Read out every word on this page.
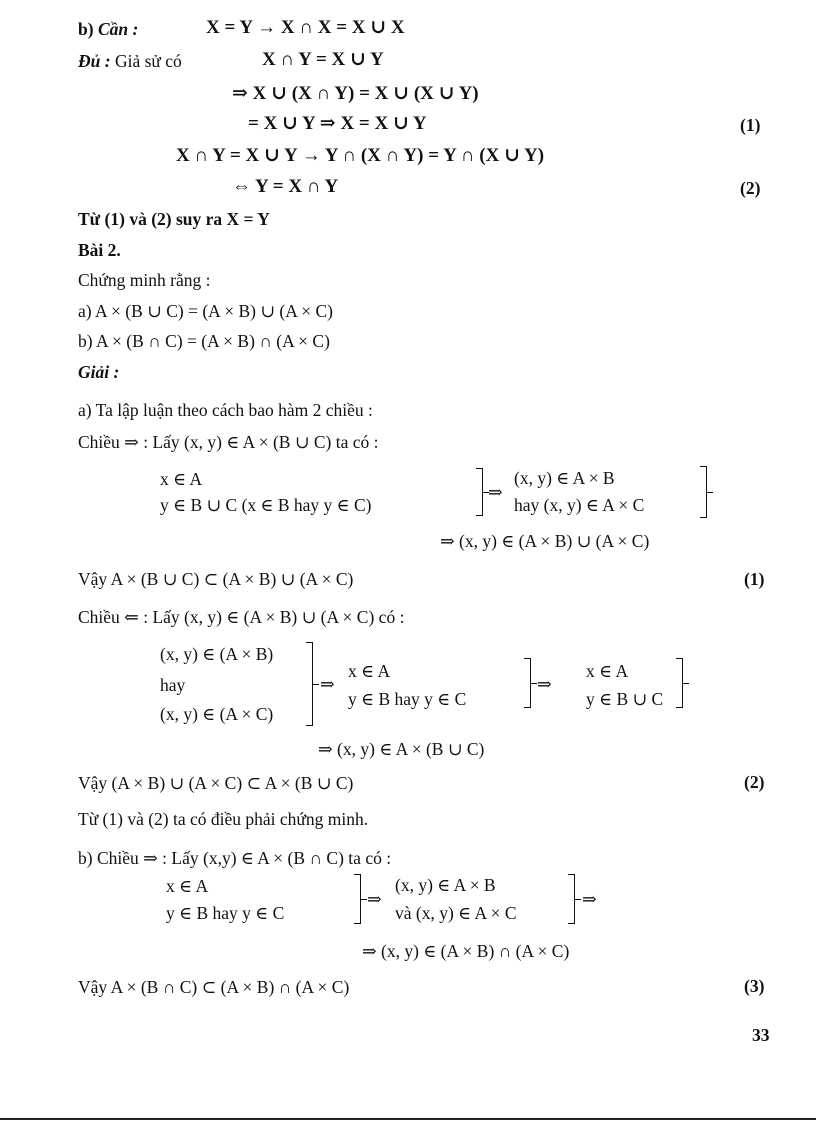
b) Cần :	X = Y → X ∩ X = X ∪ X
Đủ : Giả sử có	X ∩ Y = X ∪ Y
⇒ X ∪ (X ∩ Y) = X ∪ (X ∪ Y)
= X ∪ Y ⇒ X = X ∪ Y	(1)
X ∩ Y = X ∪ Y → Y ∩ (X ∩ Y) = Y ∩ (X ∪ Y)
⇔ Y = X ∩ Y	(2)
Từ (1) và (2) suy ra X = Y
Bài 2.
Chứng minh rằng :
a) A × (B ∪ C) = (A × B) ∪ (A × C)
b) A × (B ∩ C) = (A × B) ∩ (A × C)
Giải :
a) Ta lập luận theo cách bao hàm 2 chiều :
Chiều ⇒ : Lấy (x, y) ∈ A × (B ∪ C) ta có :
x ∈ A
y ∈ B ∪ C (x ∈ B hay y ∈ C)
⇒
(x, y) ∈ A × B
hay (x, y) ∈ A × C
⇒ (x, y) ∈ (A × B) ∪ (A × C)
Vậy A × (B ∪ C) ⊂ (A × B) ∪ (A × C)	(1)
Chiều ⇐ : Lấy (x, y) ∈ (A × B) ∪ (A × C) có :
(x, y) ∈ (A × B)
hay
(x, y) ∈ (A × C)
⇒
x ∈ A
y ∈ B hay y ∈ C
⇒
x ∈ A
y ∈ B ∪ C
⇒ (x, y) ∈ A × (B ∪ C)
Vậy (A × B) ∪ (A × C) ⊂ A × (B ∪ C)	(2)
Từ (1) và (2) ta có điều phải chứng minh.
b) Chiều ⇒ : Lấy (x,y) ∈ A × (B ∩ C) ta có :
x ∈ A
y ∈ B hay y ∈ C
⇒
(x, y) ∈ A × B
và (x, y) ∈ A × C
⇒
⇒ (x, y) ∈ (A × B) ∩ (A × C)
Vậy A × (B ∩ C) ⊂ (A × B) ∩ (A × C)	(3)
33
